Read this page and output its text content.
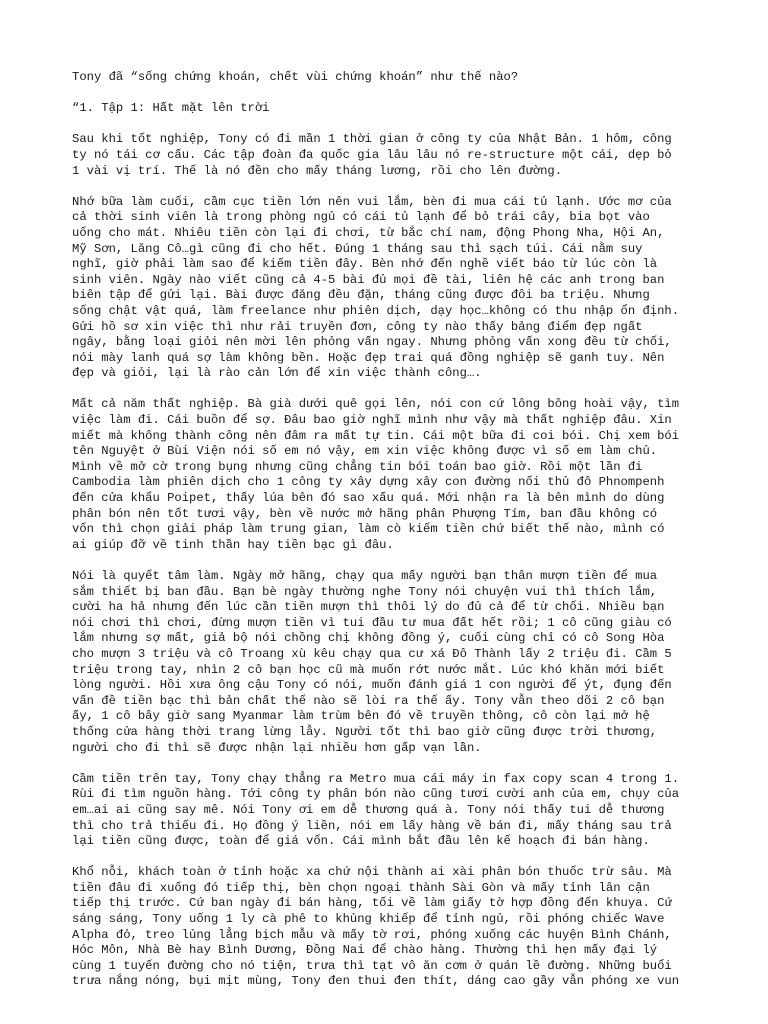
Tony đã “sống chứng khoán, chết vùi chứng khoán” như thế nào?
“1. Tập 1: Hất mặt lên trời
Sau khi tốt nghiệp, Tony có đi mần 1 thời gian ở công ty của Nhật Bản. 1 hôm, công
ty nó tái cơ cấu. Các tập đoàn đa quốc gia lâu lâu nó re-structure một cái, dẹp bỏ
1 vài vị trí. Thế là nó đền cho mấy tháng lương, rồi cho lên đường.
Nhớ bữa làm cuối, cầm cục tiền lớn nên vui lắm, bèn đi mua cái tủ lạnh. Ước mơ của
cả thời sinh viên là trong phòng ngủ có cái tủ lạnh để bỏ trái cây, bia bọt vào
uống cho mát. Nhiêu tiền còn lại đi chơi, từ bắc chí nam, động Phong Nha, Hội An,
Mỹ Sơn, Lăng Cô…gì cũng đi cho hết. Đúng 1 tháng sau thì sạch túi. Cái nằm suy
nghĩ, giờ phải làm sao để kiếm tiền đây. Bèn nhớ đến nghề viết báo từ lúc còn là
sinh viên. Ngày nào viết cũng cả 4-5 bài đủ mọi đề tài, liên hệ các anh trong ban
biên tập để gửi lại. Bài được đăng đều đặn, tháng cũng được đôi ba triệu. Nhưng
sống chật vật quá, làm freelance như phiên dịch, dạy học…không có thu nhập ổn định.
Gửi hồ sơ xin việc thì như rải truyền đơn, công ty nào thấy bảng điểm đẹp ngất
ngây, bằng loại giỏi nên mời lên phỏng vấn ngay. Nhưng phỏng vấn xong đều từ chối,
nói mày lanh quá sợ làm không bền. Hoặc đẹp trai quá đồng nghiệp sẽ ganh tuy. Nên
đẹp và giỏi, lại là rào cản lớn để xin việc thành công….
Mất cả năm thất nghiệp. Bà già dưới quê gọi lên, nói con cứ lông bông hoài vậy, tìm
việc làm đi. Cái buồn để sợ. Đâu bao giờ nghĩ mình như vậy mà thất nghiệp đâu. Xin
miết mà không thành công nên đâm ra mất tự tin. Cái một bữa đi coi bói. Chị xem bói
tên Nguyệt ở Bùi Viện nói số em nó vậy, em xin việc không được vì số em làm chủ.
Mình về mở cờ trong bụng nhưng cũng chẳng tin bói toán bao giờ. Rồi một lần đi
Cambodia làm phiên dịch cho 1 công ty xây dựng xây con đường nối thủ đô Phnompenh
đến cửa khẩu Poipet, thấy lúa bên đó sao xấu quá. Mới nhận ra là bên mình do dùng
phân bón nên tốt tươi vậy, bèn về nước mở hãng phân Phượng Tím, ban đầu không có
vốn thì chọn giải pháp làm trung gian, làm cò kiếm tiền chứ biết thế nào, mình có
ai giúp đỡ về tinh thần hay tiền bạc gì đâu.
Nói là quyết tâm làm. Ngày mở hãng, chạy qua mấy người bạn thân mượn tiền để mua
sắm thiết bị ban đầu. Bạn bè ngày thường nghe Tony nói chuyện vui thì thích lắm,
cười ha hả nhưng đến lúc cần tiền mượn thì thôi lý do đủ cả để từ chối. Nhiều bạn
nói chơi thì chơi, đừng mượn tiền vì tui đầu tư mua đất hết rồi; 1 cô cũng giàu có
lắm nhưng sợ mất, giả bộ nói chồng chị không đồng ý, cuối cùng chỉ có cô Song Hòa
cho mượn 3 triệu và cô Troang xù kêu chạy qua cư xá Đô Thành lấy 2 triệu đi. Cầm 5
triệu trong tay, nhìn 2 cô bạn học cũ mà muốn rớt nước mắt. Lúc khó khăn mới biết
lòng người. Hồi xưa ông cậu Tony có nói, muốn đánh giá 1 con người để ýt, đụng đến
vấn đề tiền bạc thì bản chất thế nào sẽ lòi ra thế ấy. Tony vẫn theo dõi 2 cô bạn
ấy, 1 cô bây giờ sang Myanmar làm trùm bên đó về truyền thông, cô còn lại mở hệ
thống cửa hàng thời trang lừng lẫy. Người tốt thì bao giờ cũng được trời thương,
người cho đi thì sẽ được nhận lại nhiều hơn gấp vạn lần.
Cầm tiền trên tay, Tony chạy thẳng ra Metro mua cái máy in fax copy scan 4 trong 1.
Rùi đi tìm nguồn hàng. Tới công ty phân bón nào cũng tươi cười anh của em, chụy của
em…ai ai cũng say mê. Nói Tony ơi em dễ thương quá à. Tony nói thấy tui dễ thương
thì cho trả thiếu đi. Họ đồng ý liền, nói em lấy hàng về bán đi, mấy tháng sau trả
lại tiền cũng được, toàn để giá vốn. Cái mình bắt đầu lên kế hoạch đi bán hàng.
Khổ nỗi, khách toàn ở tỉnh hoặc xa chứ nội thành ai xài phân bón thuốc trừ sâu. Mà
tiền đâu đi xuống đó tiếp thị, bèn chọn ngoại thành Sài Gòn và mấy tỉnh lân cận
tiếp thị trước. Cứ ban ngày đi bán hàng, tối về làm giấy tờ hợp đồng đến khuya. Cứ
sáng sáng, Tony uống 1 ly cà phê to khủng khiếp để tỉnh ngủ, rồi phóng chiếc Wave
Alpha đỏ, treo lủng lẳng bịch mẫu và mấy tờ rơi, phóng xuống các huyện Bình Chánh,
Hóc Môn, Nhà Bè hay Bình Dương, Đồng Nai để chào hàng. Thường thì hẹn mấy đại lý
cùng 1 tuyến đường cho nó tiện, trưa thì tạt vô ăn cơm ở quán lề đường. Những buổi
trưa nắng nóng, bụi mịt mùng, Tony đen thui đen thít, dáng cao gầy vẫn phóng xe vun
